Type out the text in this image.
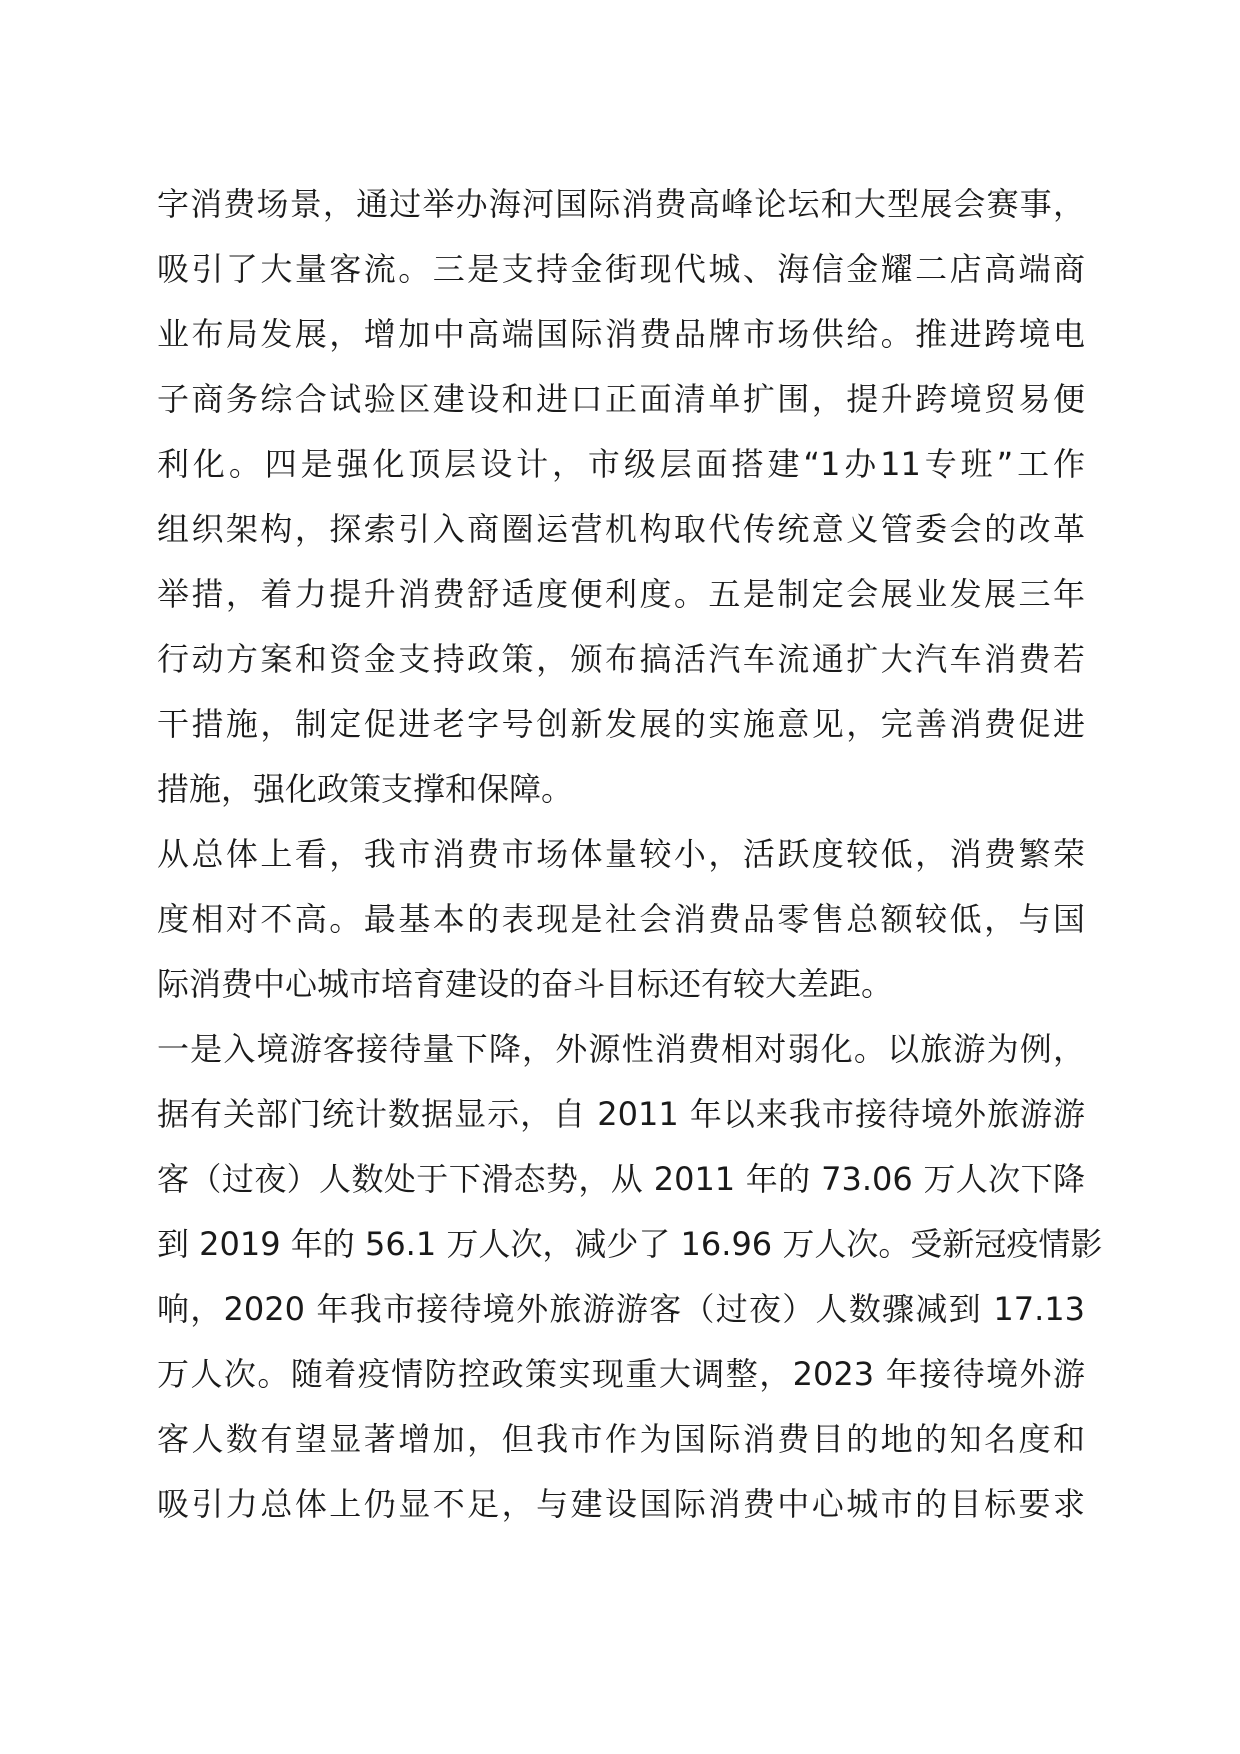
字消费场景，通过举办海河国际消费高峰论坛和大型展会赛事，
吸引了大量客流。三是支持金街现代城、海信金耀二店高端商
业布局发展，增加中高端国际消费品牌市场供给。推进跨境电
子商务综合试验区建设和进口正面清单扩围，提升跨境贸易便
利化。四是强化顶层设计，市级层面搭建“1办11专班”工作
组织架构，探索引入商圈运营机构取代传统意义管委会的改革
举措，着力提升消费舒适度便利度。五是制定会展业发展三年
行动方案和资金支持政策，颁布搞活汽车流通扩大汽车消费若
干措施，制定促进老字号创新发展的实施意见，完善消费促进
措施，强化政策支撑和保障。
从总体上看，我市消费市场体量较小，活跃度较低，消费繁荣
度相对不高。最基本的表现是社会消费品零售总额较低，与国
际消费中心城市培育建设的奋斗目标还有较大差距。
一是入境游客接待量下降，外源性消费相对弱化。以旅游为例，
据有关部门统计数据显示，自 2011 年以来我市接待境外旅游游
客（过夜）人数处于下滑态势，从 2011 年的 73.06 万人次下降
到 2019 年的 56.1 万人次，减少了 16.96 万人次。受新冠疫情影
响，2020 年我市接待境外旅游游客（过夜）人数骤减到 17.13
万人次。随着疫情防控政策实现重大调整，2023 年接待境外游
客人数有望显著增加，但我市作为国际消费目的地的知名度和
吸引力总体上仍显不足，与建设国际消费中心城市的目标要求
